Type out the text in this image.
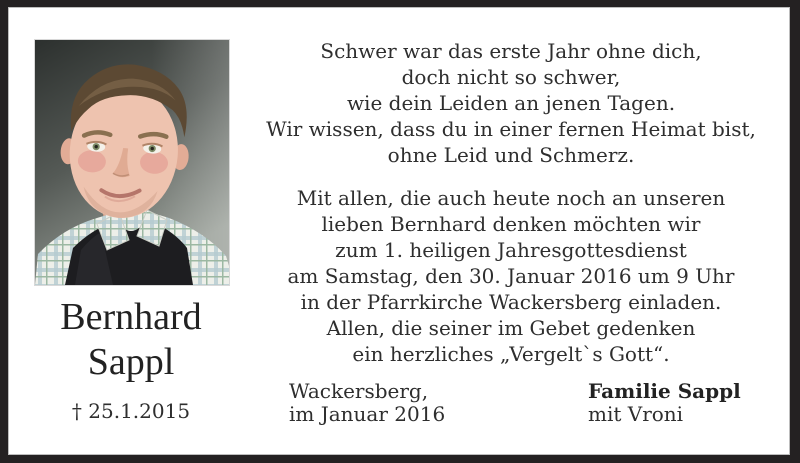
Bernhard
Sappl
† 25.1.2015

Schwer war das erste Jahr ohne dich,
doch nicht so schwer,
wie dein Leiden an jenen Tagen.
Wir wissen, dass du in einer fernen Heimat bist,
ohne Leid und Schmerz.

Mit allen, die auch heute noch an unseren
lieben Bernhard denken möchten wir
zum 1. heiligen Jahresgottesdienst
am Samstag, den 30. Januar 2016 um 9 Uhr
in der Pfarrkirche Wackersberg einladen.
Allen, die seiner im Gebet gedenken
ein herzliches „Vergelt`s Gott“.

Wackersberg,
im Januar 2016
Familie Sappl
mit Vroni
